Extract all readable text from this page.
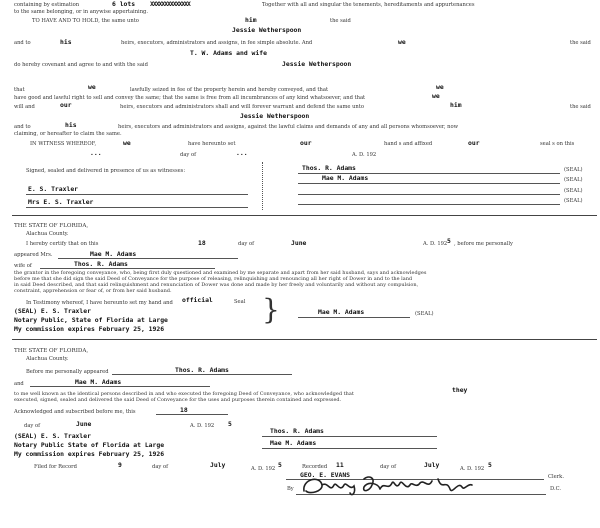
containing by estimation	6 lots XXXXXXXXXXXXXX	Together with all and singular the tenements, hereditaments and appurtenances
to the same belonging, or in anywise appertaining.
TO HAVE AND TO HOLD, the same unto	him	the said
Jessie Wetherspoon
and to	his	heirs, executors, administrators and assigns, in fee simple absolute. And	we	the said
T. W. Adams and wife
do hereby covenant and agree to and with the said	Jessie Wetherspoon
that	we	lawfully seized in fee of the property herein and hereby conveyed, and that	we
have good and lawful right to sell and convey the same; that the same is free from all incumbrances of any kind whatsoever, and that	we
will and	our	heirs, executors and administrators shall and will forever warrant and defend the same unto	him	the said
Jessie Wetherspoon
and to	his	heirs, executors and administrators and assigns, against the lawful claims and demands of any and all persons whomsoever, now
claiming, or hereafter to claim the same.
IN WITNESS WHEREOF,	we	have hereunto set	our	hand s and affixed	our	seal s on this
...	day of	...	A. D. 192
Signed, sealed and delivered in presence of us as witnesses:	Thos. R. Adams	(SEAL)
Mae M. Adams	(SEAL)
(SEAL)
(SEAL)
E. S. Traxler
Mrs E. S. Traxler
THE STATE OF FLORIDA,
Alachua County.
I hereby certify that on this	18	day of	June	A. D. 192 5 , before me personally
appeared Mrs.	Mae M. Adams
wife of	Thos. R. Adams
the grantor in the foregoing conveyance, who, being first duly questioned and examined by me separate and apart from her said husband, says and acknowledges
before me that she did sign the said Deed of Conveyance for the purpose of releasing, relinquishing and renouncing all her right of Dower in and to the land
in said Deed described, and that said relinquishment and renunciation of Dower was done and made by her freely and voluntarily and without any compulsion,
constraint, apprehension or fear of, or from her said husband.
In Testimony whereof, I have hereunto set my hand and official	Seal
(SEAL) E. S. Traxler
Notary Public, State of Florida at Large
My commission expires February 25, 1926
}	Mae M. Adams	(SEAL)
THE STATE OF FLORIDA,
Alachua County.
Before me personally appeared	Thos. R. Adams
and	Mae M. Adams
to me well known as the identical persons described in and who executed the foregoing Deed of Conveyance, who acknowledged that	they
executed, signed, sealed and delivered the said Deed of Conveyance for the uses and purposes therein contained and expressed.
Acknowledged and subscribed before me, this	18
day of	June	A. D. 192 5
(SEAL) E. S. Traxler
Notary Public State of Florida at Large
My commission expires February 25, 1926
Thos. R. Adams
Mae M. Adams
Filed for Record	9	day of	July	A. D. 192 5	Recorded 11	day of	July	A. D. 192 5
GEO. E. EVANS	Clerk.
By	D.C.
